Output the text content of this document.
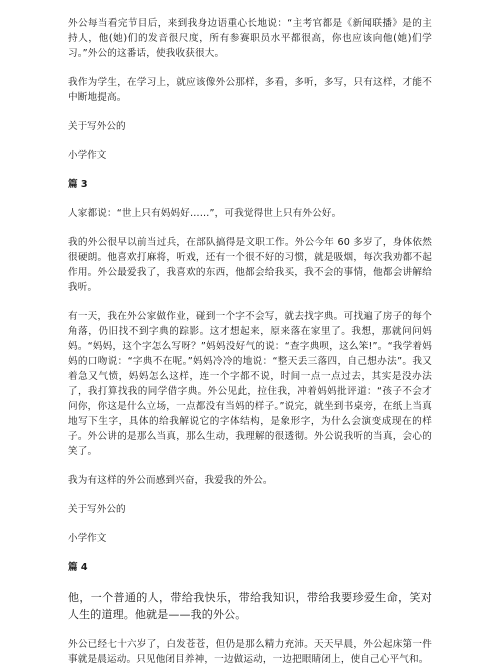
外公每当看完节目后，来到我身边语重心长地说：“主考官都是《新闻联播》是的主持人，他(她)们的发音很尺度，所有参赛职员水平都很高，你也应该向他(她)们学习。”外公的这番话，使我收获很大。

我作为学生，在学习上，就应该像外公那样，多看，多听，多写，只有这样，才能不中断地提高。

关于写外公的

小学作文

篇 3

人家都说：“世上只有妈妈好……”，可我觉得世上只有外公好。

我的外公很早以前当过兵，在部队搞得是文职工作。外公今年 60 多岁了，身体依然很硬朗。他喜欢打麻将，听戏，还有一个很不好的习惯，就是吸烟，每次我劝都不起作用。外公最爱我了，我喜欢的东西，他都会给我买，我不会的事情，他都会讲解给我听。

有一天，我在外公家做作业，碰到一个字不会写，就去找字典。可找遍了房子的每个角落，仍旧找不到字典的踪影。这才想起来，原来落在家里了。我想，那就问问妈妈。“妈妈，这个字怎么写呀？”妈妈没好气的说：“查字典呗，这么笨!”。“我学着妈妈的口吻说：“字典不在呢。”妈妈冷冷的地说：“整天丢三落四，自己想办法”。我又着急又气愤，妈妈怎么这样，连一个字都不说，时间一点一点过去，其实是没办法了，我打算找我的同学借字典。外公见此，拉住我，冲着妈妈批评道：“孩子不会才问你，你这是什么立场，一点都没有当妈的样子。”说完，就坐到书桌旁，在纸上当真地写下生字，具体的给我解说它的字体结构，是象形字，为什么会演变成现在的样子。外公讲的是那么当真，那么生动，我理解的很透彻。外公说我听的当真，会心的笑了。

我为有这样的外公而感到兴奋，我爱我的外公。

关于写外公的

小学作文

篇 4

他，一个普通的人，带给我快乐，带给我知识，带给我要珍爱生命，笑对人生的道理。他就是——我的外公。

外公已经七十六岁了，白发苍苍，但仍是那么精力充沛。天天早晨，外公起床第一件事就是晨运动。只见他闭目养神，一边做运动，一边把眼睛闭上，使自己心平气和。
